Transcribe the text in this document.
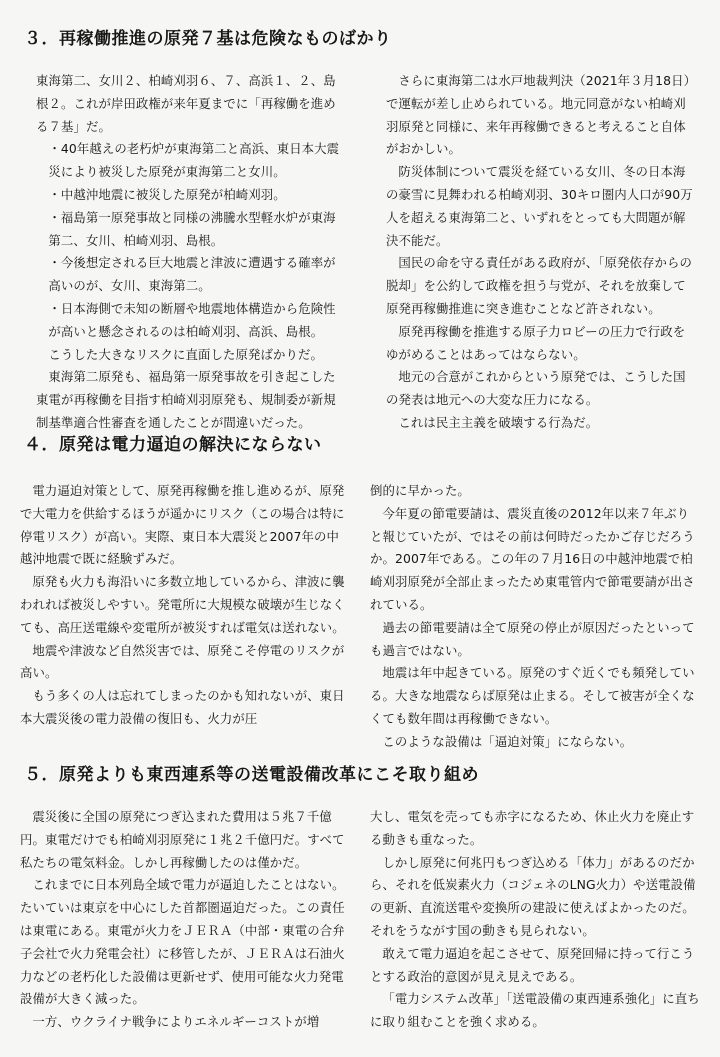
３．再稼働推進の原発７基は危険なものばかり

東海第二、女川２、柏崎刈羽６、７、高浜１、２、島根２。これが岸田政権が来年夏までに「再稼働を進める７基」だ。

・40年越えの老朽炉が東海第二と高浜、東日本大震災により被災した原発が東海第二と女川。

・中越沖地震に被災した原発が柏崎刈羽。

・福島第一原発事故と同様の沸騰水型軽水炉が東海第二、女川、柏崎刈羽、島根。

・今後想定される巨大地震と津波に遭遇する確率が高いのが、女川、東海第二。

・日本海側で未知の断層や地震地体構造から危険性が高いと懸念されるのは柏崎刈羽、高浜、島根。

こうした大きなリスクに直面した原発ばかりだ。

東海第二原発も、福島第一原発事故を引き起こした東電が再稼働を目指す柏崎刈羽原発も、規制委が新規制基準適合性審査を通したことが間違いだった。

さらに東海第二は水戸地裁判決（2021年３月18日）で運転が差し止められている。地元同意がない柏崎刈羽原発と同様に、来年再稼働できると考えること自体がおかしい。

防災体制について震災を経ている女川、冬の日本海の豪雪に見舞われる柏崎刈羽、30キロ圏内人口が90万人を超える東海第二と、いずれをとっても大問題が解決不能だ。

国民の命を守る責任がある政府が、「原発依存からの脱却」を公約して政権を担う与党が、それを放棄して原発再稼働推進に突き進むことなど許されない。

原発再稼働を推進する原子力ロビーの圧力で行政をゆがめることはあってはならない。

地元の合意がこれからという原発では、こうした国の発表は地元への大変な圧力になる。

これは民主主義を破壊する行為だ。

４．原発は電力逼迫の解決にならない

電力逼迫対策として、原発再稼働を推し進めるが、原発で大電力を供給するほうが遥かにリスク（この場合は特に停電リスク）が高い。実際、東日本大震災と2007年の中越沖地震で既に経験ずみだ。

原発も火力も海沿いに多数立地しているから、津波に襲われれば被災しやすい。発電所に大規模な破壊が生じなくても、高圧送電線や変電所が被災すれば電気は送れない。

地震や津波など自然災害では、原発こそ停電のリスクが高い。

もう多くの人は忘れてしまったのかも知れないが、東日本大震災後の電力設備の復旧も、火力が圧

倒的に早かった。

今年夏の節電要請は、震災直後の2012年以来７年ぶりと報じていたが、ではその前は何時だったかご存じだろうか。2007年である。この年の７月16日の中越沖地震で柏崎刈羽原発が全部止まったため東電管内で節電要請が出されている。

過去の節電要請は全て原発の停止が原因だったといっても過言ではない。

地震は年中起きている。原発のすぐ近くでも頻発している。大きな地震ならば原発は止まる。そして被害が全くなくても数年間は再稼働できない。

このような設備は「逼迫対策」にならない。

５．原発よりも東西連系等の送電設備改革にこそ取り組め

震災後に全国の原発につぎ込まれた費用は５兆７千億円。東電だけでも柏崎刈羽原発に１兆２千億円だ。すべて私たちの電気料金。しかし再稼働したのは僅かだ。

これまでに日本列島全域で電力が逼迫したことはない。たいていは東京を中心にした首都圏逼迫だった。この責任は東電にある。東電が火力をＪＥＲＡ（中部・東電の合弁子会社で火力発電会社）に移管したが、ＪＥＲＡは石油火力などの老朽化した設備は更新せず、使用可能な火力発電設備が大きく減った。

一方、ウクライナ戦争によりエネルギーコストが増

大し、電気を売っても赤字になるため、休止火力を廃止する動きも重なった。

しかし原発に何兆円もつぎ込める「体力」があるのだから、それを低炭素火力（コジェネのLNG火力）や送電設備の更新、直流送電や変換所の建設に使えばよかったのだ。それをうながす国の動きも見られない。

敢えて電力逼迫を起こさせて、原発回帰に持って行こうとする政治的意図が見え見えである。

「電力システム改革」「送電設備の東西連系強化」に直ちに取り組むことを強く求める。
